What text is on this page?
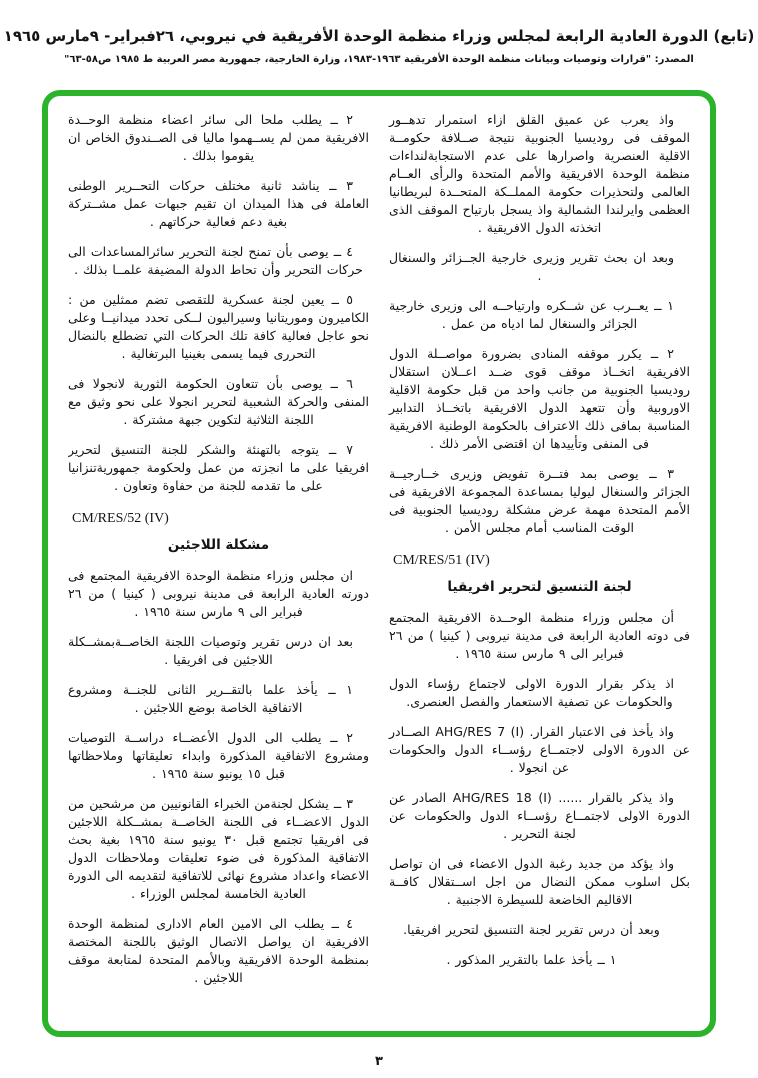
(تابع) الدورة العادية الرابعة لمجلس وزراء منظمة الوحدة الأفريقية في نيروبي، ٢٦فبراير- ٩مارس ١٩٦٥
المصدر: "قرارات وتوصيات وبيانات منظمة الوحدة الأفريقية ١٩٦٣-١٩٨٣، وزارة الخارجية، جمهورية مصر العربية ط ١٩٨٥ ص٥٨-٦٣"

٢ ــ يطلب ملحا الى سائر اعضاء منظمة الوحــدة الافريقية ممن لم يســهموا ماليا فى الصــندوق الخاص ان يقوموا بذلك .

٣ ــ يناشد ثانية مختلف حركات التحــرير الوطنى العاملة فى هذا الميدان ان تقيم جبهات عمل مشــتركة بغية دعم فعالية حركاتهم .

٤ ــ يوصى بأن تمنح لجنة التحرير سائرالمساعدات الى حركات التحرير وأن تحاط الدولة المضيفة علمــا بذلك .

٥ ــ يعين لجنة عسكرية للتقصى تضم ممثلين من : الكاميرون وموريتانيا وسيراليون لــكى تحدد ميدانيــا وعلى نحو عاجل فعالية كافة تلك الحركات التي تضطلع بالنضال التحررى فيما يسمى بغينيا البرتغالية .

٦ ــ يوصى بأن تتعاون الحكومة الثورية لانجولا فى المنفى والحركة الشعبية لتحرير انجولا على نحو وثيق مع اللجنة الثلاثية لتكوين جبهة مشتركة .

٧ ــ يتوجه بالتهنئة والشكر للجنة التنسيق لتحرير افريقيا على ما انجزته من عمل ولحكومة جمهوريةتنزانيا على ما تقدمه للجنة من حفاوة وتعاون .

CM/RES/52 (IV)

مشكلة اللاجئين

ان مجلس وزراء منظمة الوحدة الافريقية المجتمع فى دورته العادية الرابعة فى مدينة نيروبى ( كينيا ) من ٢٦ فبراير الى ٩ مارس سنة ١٩٦٥ .

بعد ان درس تقرير وتوصيات اللجنة الخاصــةبمشــكلة اللاجئين فى افريقيا .

١ ــ يأخذ علما بالتقــرير الثانى للجنــة ومشروع الاتفاقية الخاصة بوضع اللاجئين .

٢ ــ يطلب الى الدول الأعضــاء دراســة التوصيات ومشروع الاتفاقية المذكورة وابداء تعليقاتها وملاحظاتها قبل ١٥ يونيو سنة ١٩٦٥ .

٣ ــ يشكل لجنةمن الخبراء القانونيين من مرشحين من الدول الاعضــاء فى اللجنة الخاصــة بمشــكلة اللاجئين فى افريقيا تجتمع قبل ٣٠ يونيو سنة ١٩٦٥ بغية بحث الاتفاقية المذكورة فى ضوء تعليقات وملاحظات الدول الاعضاء واعداد مشروع نهائى للاتفاقية لتقديمه الى الدورة العادية الخامسة لمجلس الوزراء .

٤ ــ يطلب الى الامين العام الادارى لمنظمة الوحدة الافريقية ان يواصل الاتصال الوثيق باللجنة المختصة بمنظمة الوحدة الافريقية وبالأمم المتحدة لمتابعة موقف اللاجئين .

واذ يعرب عن عميق القلق ازاء استمرار تدهــور الموقف فى روديسيا الجنوبية نتيجة صــلافة حكومــة الاقلية العنصرية واصرارها على عدم الاستجابةلنداءات منظمة الوحدة الافريقية والأمم المتحدة والرأى العــام العالمى ولتحذيرات حكومة المملــكة المتحــدة لبريطانيا العظمى وايرلندا الشمالية واذ يسجل بارتياح الموقف الذى اتخذته الدول الافريقية .

وبعد ان بحث تقرير وزيرى خارجية الجــزائر والسنغال .

١ ــ يعــرب عن شــكره وارتياحــه الى وزيرى خارجية الجزائر والسنغال لما ادياه من عمل .

٢ ــ يكرر موقفه المنادى بضرورة مواصــلة الدول الافريقية اتخــاذ موقف قوى ضــد اعــلان استقلال روديسيا الجنوبية من جانب واحد من قبل حكومة الاقلية الاوروبية وأن تتعهد الدول الافريقية باتخــاذ التدابير المناسبة بمافى ذلك الاعتراف بالحكومة الوطنية الافريقية فى المنفى وتأييدها ان اقتضى الأمر ذلك .

٣ ــ يوصى بمد فتــرة تفويض وزيرى خــارجيــة الجزائر والسنغال ليوليا بمساعدة المجموعة الافريقية فى الأمم المتحدة مهمة عرض مشكلة روديسيا الجنوبية فى الوقت المناسب أمام مجلس الأمن .

CM/RES/51 (IV)

لجنة التنسيق لتحرير افريقيا

أن مجلس وزراء منظمة الوحــدة الافريقية المجتمع فى دوته العادية الرابعة فى مدينة نيروبى ( كينيا ) من ٢٦ فبراير الى ٩ مارس سنة ١٩٦٥ .

اذ يذكر بقرار الدورة الاولى لاجتماع رؤساء الدول والحكومات عن تصفية الاستعمار والفصل العنصرى.

واذ يأخذ فى الاعتبار القرار. ‎AHG/RES 7 (I)‎ الصــادر عن الدورة الاولى لاجتمــاع رؤســاء الدول والحكومات عن انجولا .

واذ يذكر بالقرار ...... ‎AHG/RES 18 (I)‎ الصادر عن الدورة الاولى لاجتمــاع رؤســاء الدول والحكومات عن لجنة التحرير .

واذ يؤكد من جديد رغبة الدول الاعضاء فى ان تواصل بكل اسلوب ممكن النضال من اجل اســتقلال كافــة الاقاليم الخاضعة للسيطرة الاجنبية .

وبعد أن درس تقرير لجنة التنسيق لتحرير افريقيا.

١ ــ يأخذ علما بالتقرير المذكور .

٣
